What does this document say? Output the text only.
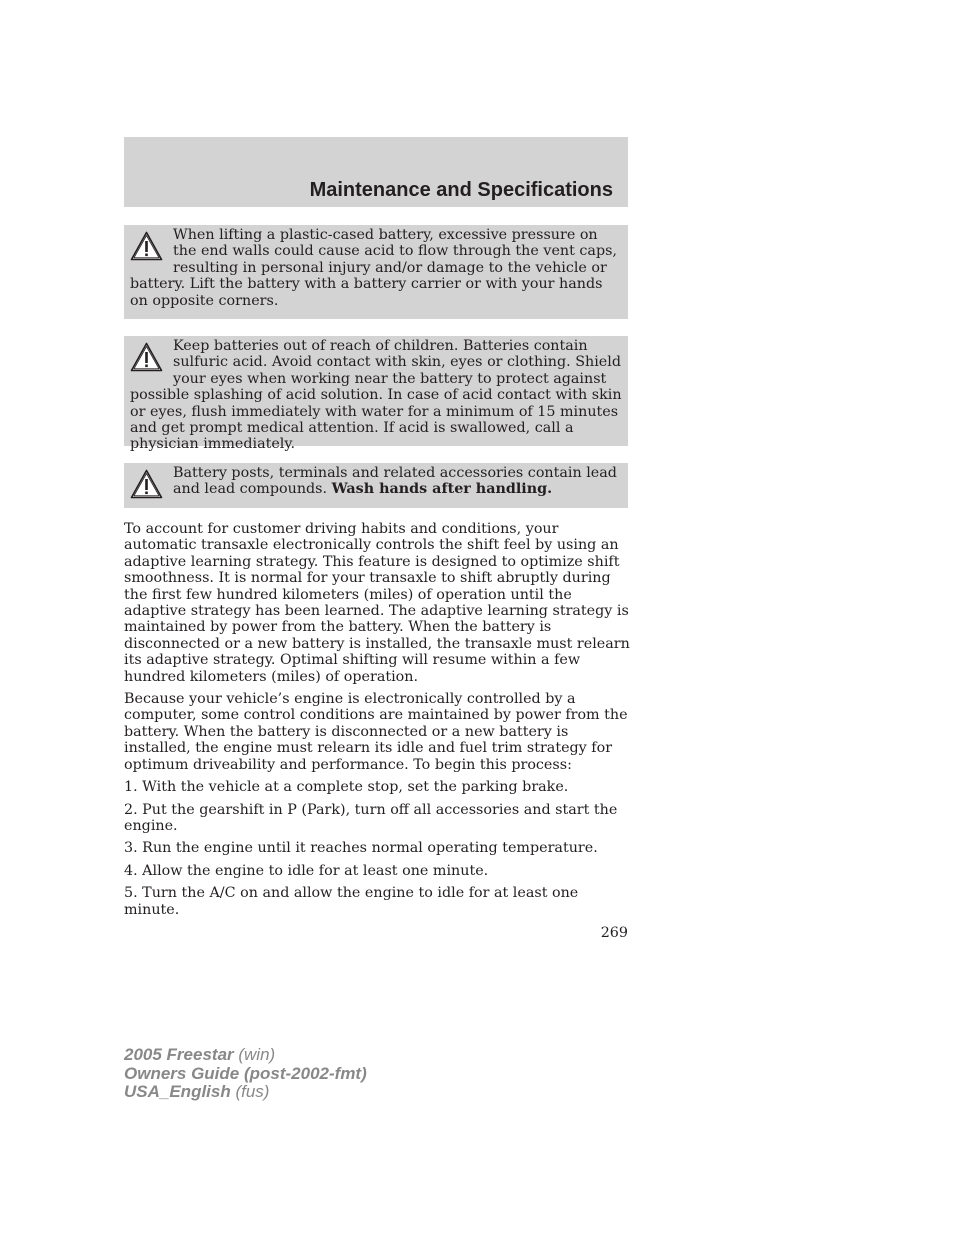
Maintenance and Specifications

When lifting a plastic-cased battery, excessive pressure on the end walls could cause acid to flow through the vent caps, resulting in personal injury and/or damage to the vehicle or battery. Lift the battery with a battery carrier or with your hands on opposite corners.

Keep batteries out of reach of children. Batteries contain sulfuric acid. Avoid contact with skin, eyes or clothing. Shield your eyes when working near the battery to protect against possible splashing of acid solution. In case of acid contact with skin or eyes, flush immediately with water for a minimum of 15 minutes and get prompt medical attention. If acid is swallowed, call a physician immediately.

Battery posts, terminals and related accessories contain lead and lead compounds. Wash hands after handling.

To account for customer driving habits and conditions, your automatic transaxle electronically controls the shift feel by using an adaptive learning strategy. This feature is designed to optimize shift smoothness. It is normal for your transaxle to shift abruptly during the first few hundred kilometers (miles) of operation until the adaptive strategy has been learned. The adaptive learning strategy is maintained by power from the battery. When the battery is disconnected or a new battery is installed, the transaxle must relearn its adaptive strategy. Optimal shifting will resume within a few hundred kilometers (miles) of operation.

Because your vehicle’s engine is electronically controlled by a computer, some control conditions are maintained by power from the battery. When the battery is disconnected or a new battery is installed, the engine must relearn its idle and fuel trim strategy for optimum driveability and performance. To begin this process:

1. With the vehicle at a complete stop, set the parking brake.

2. Put the gearshift in P (Park), turn off all accessories and start the engine.

3. Run the engine until it reaches normal operating temperature.

4. Allow the engine to idle for at least one minute.

5. Turn the A/C on and allow the engine to idle for at least one minute.

269
2005 Freestar (win)
Owners Guide (post-2002-fmt)
USA_English (fus)
